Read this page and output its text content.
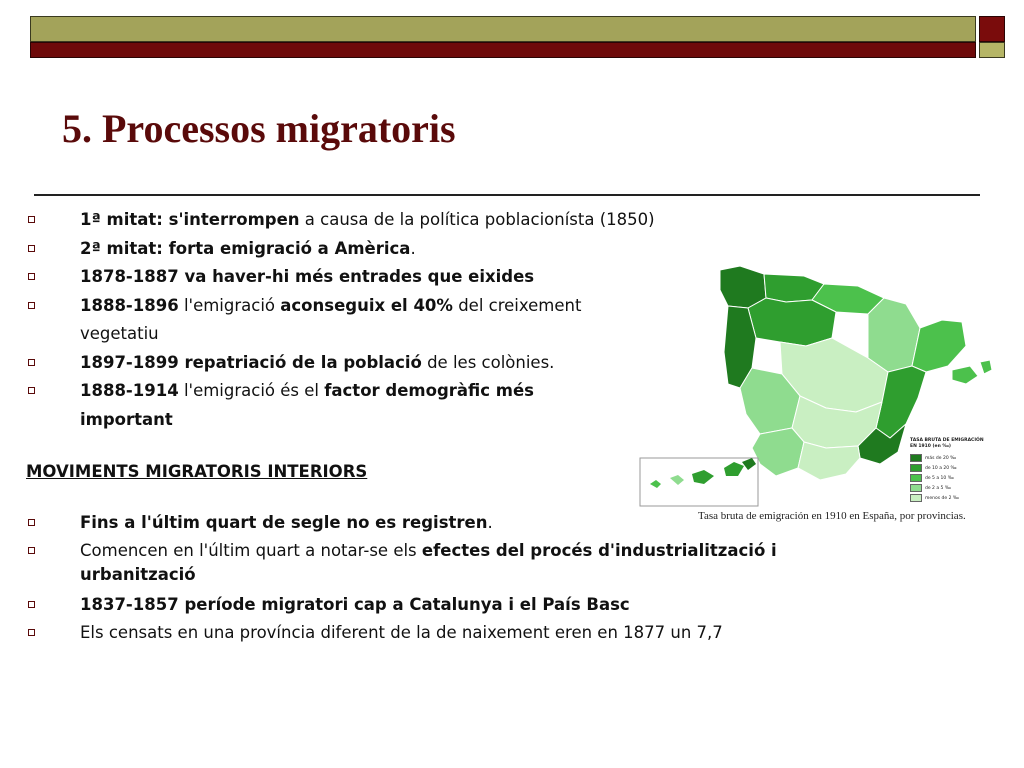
5. Processos migratoris
1ª mitat: s'interrompen a causa de la política poblacionísta (1850)
2ª mitat: forta emigració a Amèrica.
1878-1887 va haver-hi més entrades que eixides
1888-1896 l'emigració aconseguix el 40% del creixement
vegetatiu
1897-1899 repatriació de la població de les colònies.
1888-1914 l'emigració és el factor demogràfic més
important

MOVIMENTS MIGRATORIS INTERIORS

Fins a l'últim quart de segle no es registren.
Comencen en l'últim quart a notar-se els efectes del procés d'industrialització i urbanització
1837-1857 període migratori cap a Catalunya i el País Basc
Els censats en una província diferent de la de naixement eren en 1877 un 7,7
TASA BRUTA DE EMIGRACIÓN EN 1910 (en ‰)
más de 20 ‰
de 10 a 20 ‰
de 5 a 10 ‰
de 2 a 5 ‰
menos de 2 ‰
Tasa bruta de emigración en 1910 en España, por provincias.
